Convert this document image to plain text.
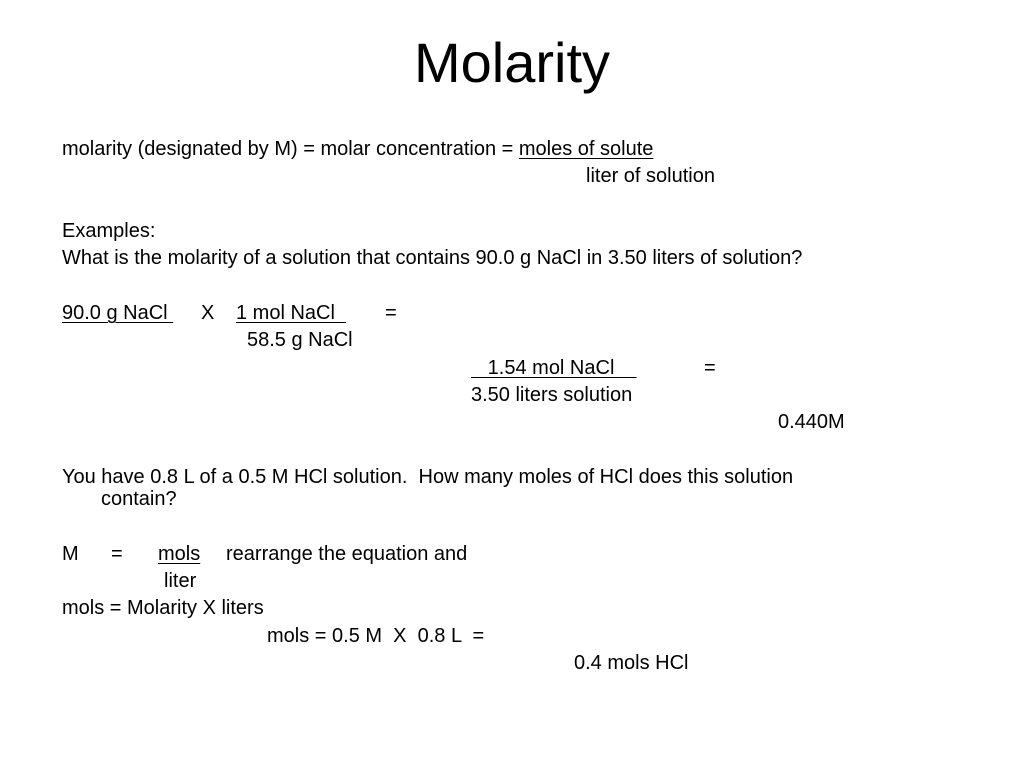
Molarity
molarity (designated by M) = molar concentration = moles of solute
liter of solution
Examples:
What is the molarity of a solution that contains 90.0 g NaCl in 3.50 liters of solution?
90.0 g NaCl X 1 mol NaCl =
58.5 g NaCl
1.54 mol NaCl	=
3.50 liters solution
0.440M
You have 0.8 L of a 0.5 M HCl solution.  How many moles of HCl does this solution
contain?
M = mols rearrange the equation and
liter
mols = Molarity X liters
mols = 0.5 M  X  0.8 L  =
0.4 mols HCl
